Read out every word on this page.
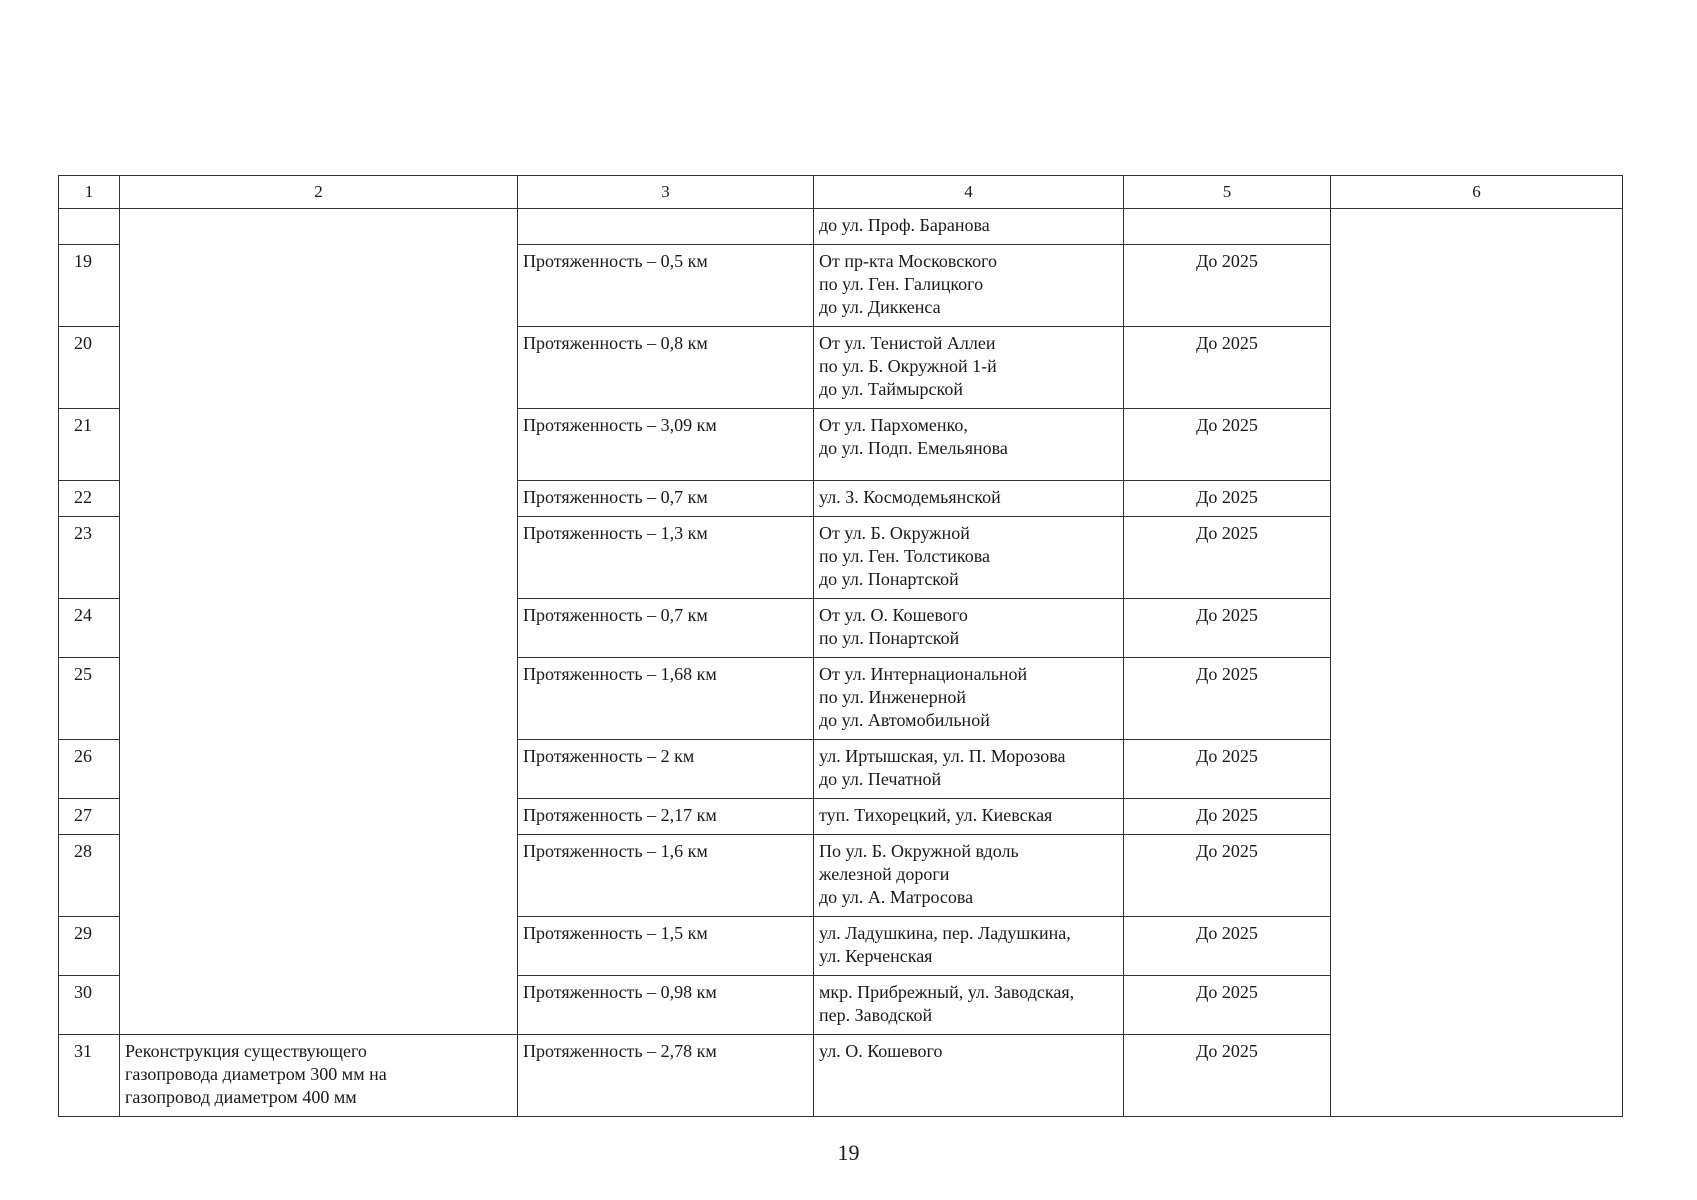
1	2	3	4	5	6
			до ул. Проф. Баранова		
19		Протяженность – 0,5 км	От пр-кта Московского
по ул. Ген. Галицкого
до ул. Диккенса	До 2025	
20		Протяженность – 0,8 км	От ул. Тенистой Аллеи
по ул. Б. Окружной 1-й
до ул. Таймырской	До 2025	
21		Протяженность – 3,09 км	От ул. Пархоменко,
до ул. Подп. Емельянова	До 2025	
22		Протяженность – 0,7 км	ул. З. Космодемьянской	До 2025	
23		Протяженность – 1,3 км	От ул. Б. Окружной
по ул. Ген. Толстикова
до ул. Понартской	До 2025	
24		Протяженность – 0,7 км	От ул. О. Кошевого
по ул. Понартской	До 2025	
25		Протяженность – 1,68 км	От ул. Интернациональной
по ул. Инженерной
до ул. Автомобильной	До 2025	
26		Протяженность – 2 км	ул. Иртышская, ул. П. Морозова
до ул. Печатной	До 2025	
27		Протяженность – 2,17 км	туп. Тихорецкий, ул. Киевская	До 2025	
28		Протяженность – 1,6 км	По ул. Б. Окружной вдоль
железной дороги
до ул. А. Матросова	До 2025	
29		Протяженность – 1,5 км	ул. Ладушкина, пер. Ладушкина,
ул. Керченская	До 2025	
30		Протяженность – 0,98 км	мкр. Прибрежный, ул. Заводская,
пер. Заводской	До 2025	
31	Реконструкция существующего
газопровода диаметром 300 мм на
газопровод диаметром 400 мм	Протяженность – 2,78 км	ул. О. Кошевого	До 2025	
19
